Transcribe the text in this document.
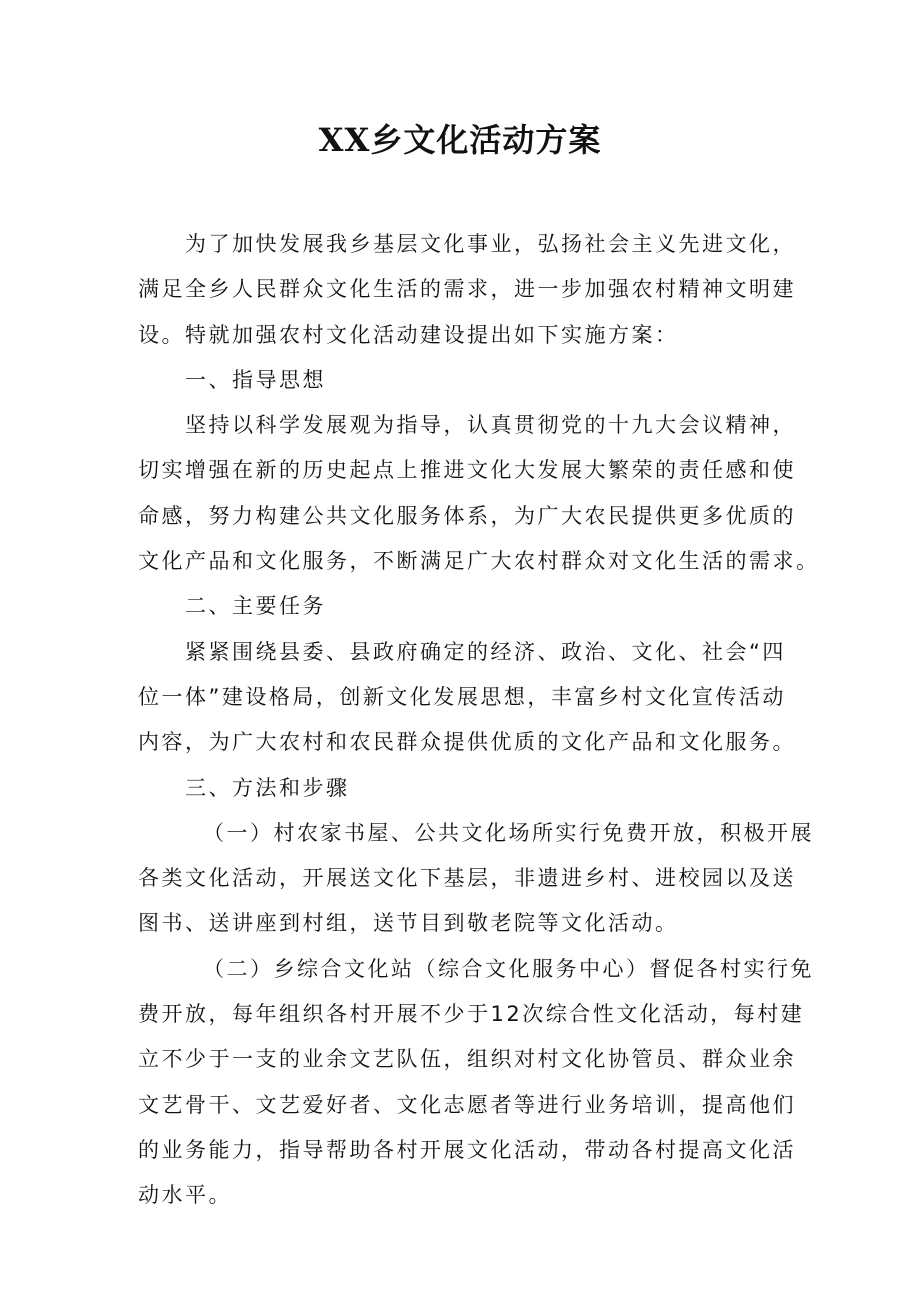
XX乡文化活动方案
为了加快发展我乡基层文化事业，弘扬社会主义先进文化，
满足全乡人民群众文化生活的需求，进一步加强农村精神文明建
设。特就加强农村文化活动建设提出如下实施方案：
一、指导思想
坚持以科学发展观为指导，认真贯彻党的十九大会议精神，
切实增强在新的历史起点上推进文化大发展大繁荣的责任感和使
命感，努力构建公共文化服务体系，为广大农民提供更多优质的
文化产品和文化服务，不断满足广大农村群众对文化生活的需求。
二、主要任务
紧紧围绕县委、县政府确定的经济、政治、文化、社会“四
位一体”建设格局，创新文化发展思想，丰富乡村文化宣传活动
内容，为广大农村和农民群众提供优质的文化产品和文化服务。
三、方法和步骤
（一）村农家书屋、公共文化场所实行免费开放，积极开展
各类文化活动，开展送文化下基层，非遗进乡村、进校园以及送
图书、送讲座到村组，送节目到敬老院等文化活动。
（二）乡综合文化站（综合文化服务中心）督促各村实行免
费开放，每年组织各村开展不少于12次综合性文化活动，每村建
立不少于一支的业余文艺队伍，组织对村文化协管员、群众业余
文艺骨干、文艺爱好者、文化志愿者等进行业务培训，提高他们
的业务能力，指导帮助各村开展文化活动，带动各村提高文化活
动水平。
